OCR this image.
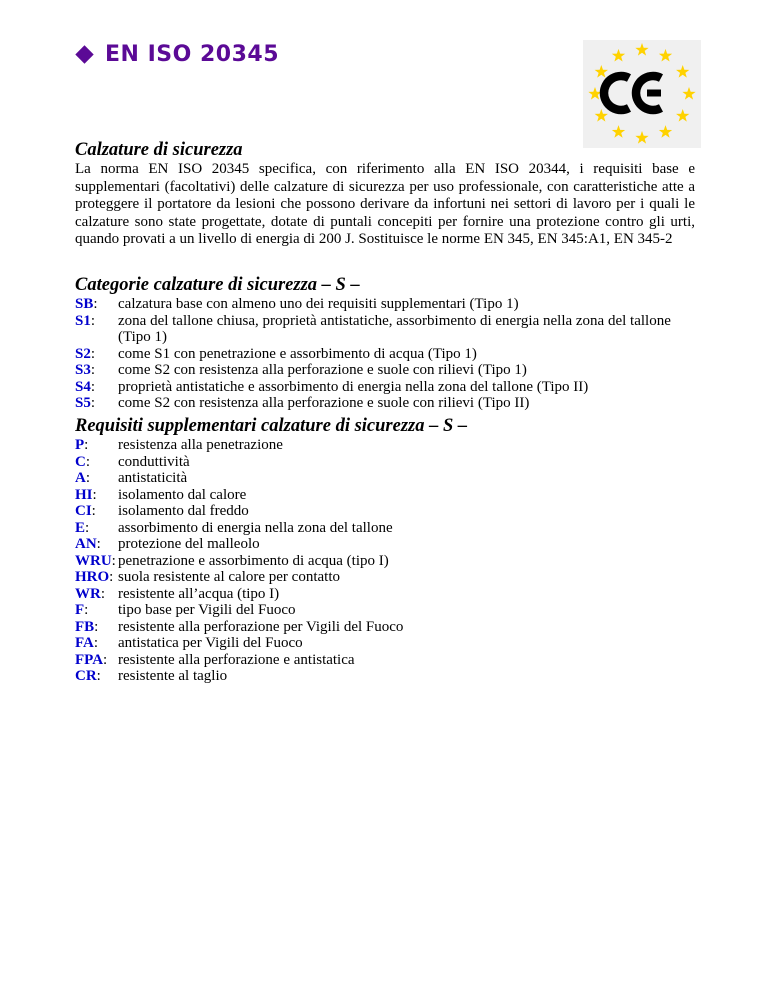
EN ISO 20345
Calzature di sicurezza
La norma EN ISO 20345 specifica, con riferimento alla EN ISO 20344, i requisiti base e supplementari (facoltativi) delle calzature di sicurezza per uso professionale, con caratteristiche atte a proteggere il portatore da lesioni che possono derivare da infortuni nei settori di lavoro per i quali le calzature sono state progettate, dotate di puntali concepiti per fornire una protezione contro gli urti, quando provati a un livello di energia di 200 J. Sostituisce le norme EN 345, EN 345:A1, EN 345-2
Categorie calzature di sicurezza – S –
SB:	calzatura base con almeno uno dei requisiti supplementari (Tipo 1)
S1:	zona del tallone chiusa, proprietà antistatiche, assorbimento di energia nella zona del tallone (Tipo 1)
S2:	come S1 con penetrazione e assorbimento di acqua (Tipo 1)
S3:	come S2 con resistenza alla perforazione e suole con rilievi (Tipo 1)
S4:	proprietà antistatiche e assorbimento di energia nella zona del tallone (Tipo II)
S5:	come S2 con resistenza alla perforazione e suole con rilievi (Tipo II)
Requisiti supplementari calzature di sicurezza – S –
P:	resistenza alla penetrazione
C:	conduttività
A:	antistaticità
HI:	isolamento dal calore
CI:	isolamento dal freddo
E:	assorbimento di energia nella zona del tallone
AN:	protezione del malleolo
WRU: penetrazione e assorbimento di acqua (tipo I)
HRO: suola resistente al calore per contatto
WR: resistente all’acqua (tipo I)
F:	tipo base per Vigili del Fuoco
FB:	resistente alla perforazione per Vigili del Fuoco
FA:	antistatica per Vigili del Fuoco
FPA: resistente alla perforazione e antistatica
CR:	resistente al taglio
